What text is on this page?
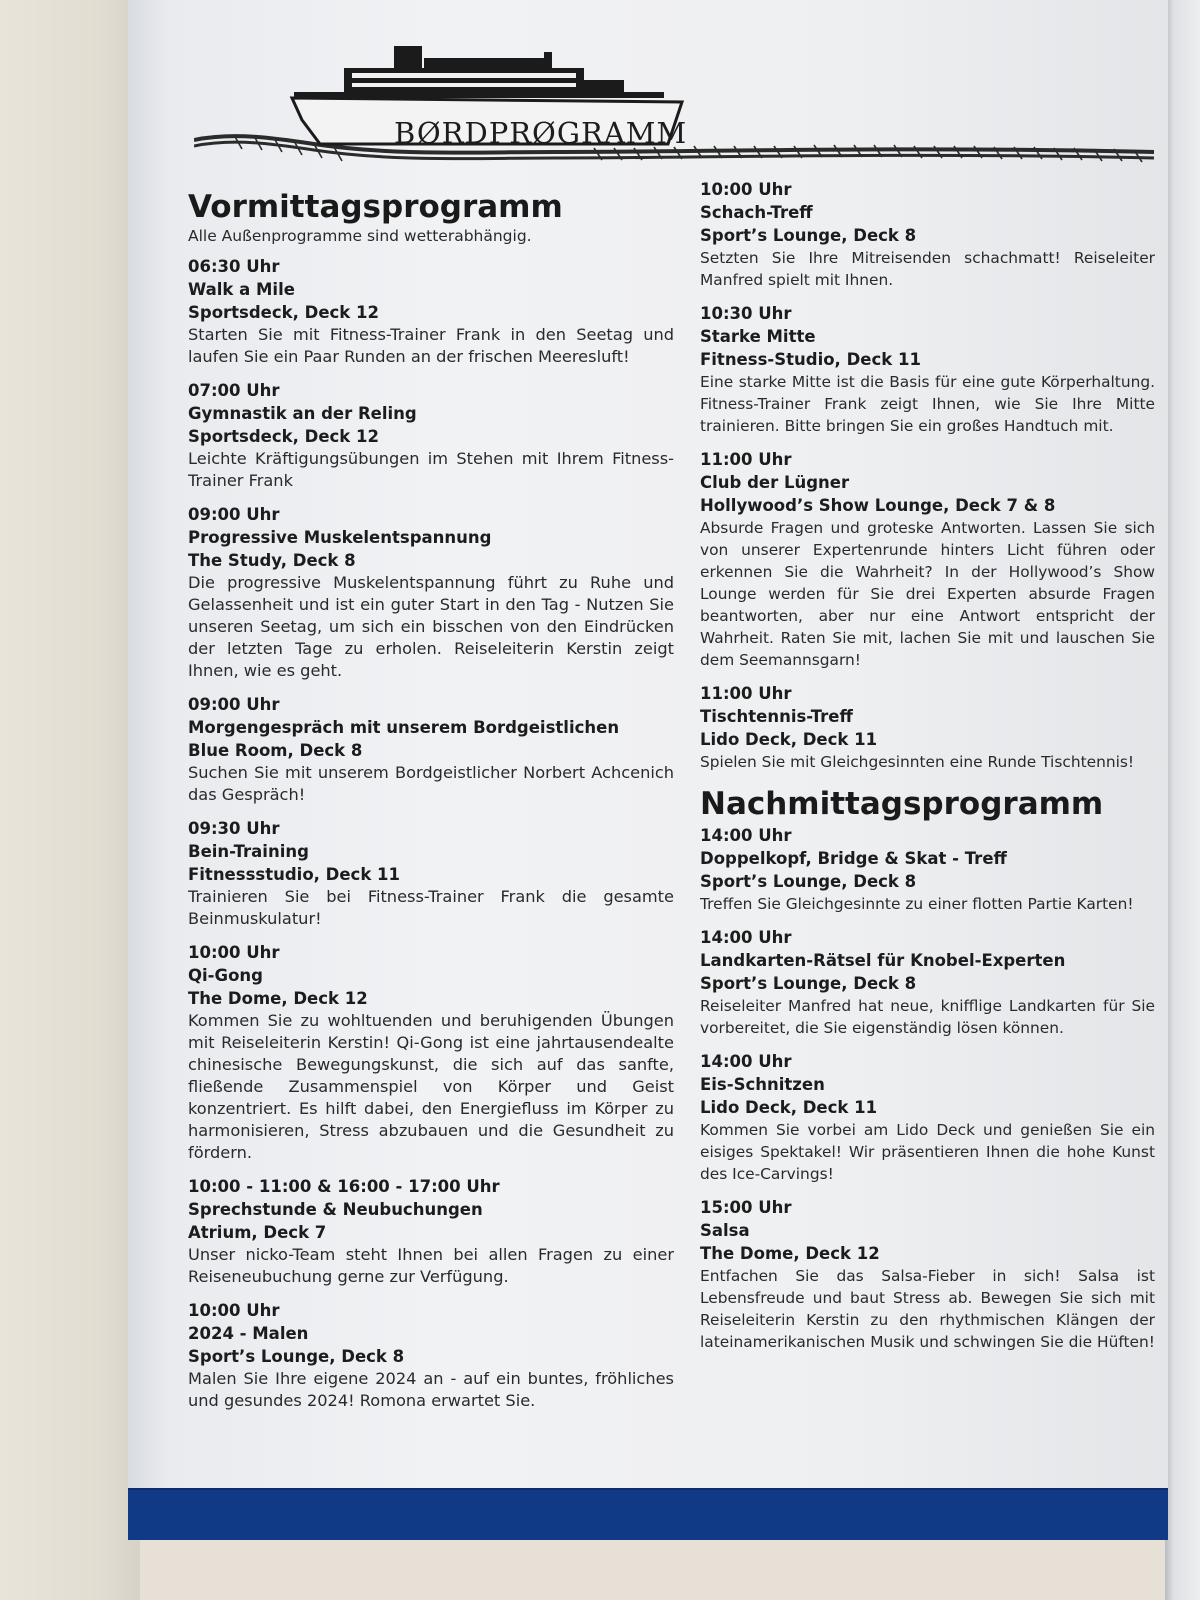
BØRDPRØGRAMM
Vormittagsprogramm
Alle Außenprogramme sind wetterabhängig.
06:30 Uhr
Walk a Mile
Sportsdeck, Deck 12
Starten Sie mit Fitness-Trainer Frank in den Seetag und laufen Sie ein Paar Runden an der frischen Meeresluft!
07:00 Uhr
Gymnastik an der Reling
Sportsdeck, Deck 12
Leichte Kräftigungsübungen im Stehen mit Ihrem Fitness-Trainer Frank
09:00 Uhr
Progressive Muskelentspannung
The Study, Deck 8
Die progressive Muskelentspannung führt zu Ruhe und Gelassenheit und ist ein guter Start in den Tag - Nutzen Sie unseren Seetag, um sich ein bisschen von den Eindrücken der letzten Tage zu erholen. Reiseleiterin Kerstin zeigt Ihnen, wie es geht.
09:00 Uhr
Morgengespräch mit unserem Bordgeistlichen
Blue Room, Deck 8
Suchen Sie mit unserem Bordgeistlicher Norbert Achcenich das Gespräch!
09:30 Uhr
Bein-Training
Fitnessstudio, Deck 11
Trainieren Sie bei Fitness-Trainer Frank die gesamte Beinmuskulatur!
10:00 Uhr
Qi-Gong
The Dome, Deck 12
Kommen Sie zu wohltuenden und beruhigenden Übungen mit Reiseleiterin Kerstin! Qi-Gong ist eine jahrtausendealte chinesische Bewegungskunst, die sich auf das sanfte, fließende Zusammenspiel von Körper und Geist konzentriert. Es hilft dabei, den Energiefluss im Körper zu harmonisieren, Stress abzubauen und die Gesundheit zu fördern.
10:00 - 11:00 & 16:00 - 17:00 Uhr
Sprechstunde & Neubuchungen
Atrium, Deck 7
Unser nicko-Team steht Ihnen bei allen Fragen zu einer Reiseneubuchung gerne zur Verfügung.
10:00 Uhr
2024 - Malen
Sport’s Lounge, Deck 8
Malen Sie Ihre eigene 2024 an - auf ein buntes, fröhliches und gesundes 2024! Romona erwartet Sie.
10:00 Uhr
Schach-Treff
Sport’s Lounge, Deck 8
Setzten Sie Ihre Mitreisenden schachmatt! Reiseleiter Manfred spielt mit Ihnen.
10:30 Uhr
Starke Mitte
Fitness-Studio, Deck 11
Eine starke Mitte ist die Basis für eine gute Körperhaltung. Fitness-Trainer Frank zeigt Ihnen, wie Sie Ihre Mitte trainieren. Bitte bringen Sie ein großes Handtuch mit.
11:00 Uhr
Club der Lügner
Hollywood’s Show Lounge, Deck 7 & 8
Absurde Fragen und groteske Antworten. Lassen Sie sich von unserer Expertenrunde hinters Licht führen oder erkennen Sie die Wahrheit? In der Hollywood’s Show Lounge werden für Sie drei Experten absurde Fragen beantworten, aber nur eine Antwort entspricht der Wahrheit. Raten Sie mit, lachen Sie mit und lauschen Sie dem Seemannsgarn!
11:00 Uhr
Tischtennis-Treff
Lido Deck, Deck 11
Spielen Sie mit Gleichgesinnten eine Runde Tischtennis!
Nachmittagsprogramm
14:00 Uhr
Doppelkopf, Bridge & Skat - Treff
Sport’s Lounge, Deck 8
Treffen Sie Gleichgesinnte zu einer flotten Partie Karten!
14:00 Uhr
Landkarten-Rätsel für Knobel-Experten
Sport’s Lounge, Deck 8
Reiseleiter Manfred hat neue, knifflige Landkarten für Sie vorbereitet, die Sie eigenständig lösen können.
14:00 Uhr
Eis-Schnitzen
Lido Deck, Deck 11
Kommen Sie vorbei am Lido Deck und genießen Sie ein eisiges Spektakel! Wir präsentieren Ihnen die hohe Kunst des Ice-Carvings!
15:00 Uhr
Salsa
The Dome, Deck 12
Entfachen Sie das Salsa-Fieber in sich! Salsa ist Lebensfreude und baut Stress ab. Bewegen Sie sich mit Reiseleiterin Kerstin zu den rhythmischen Klängen der lateinamerikanischen Musik und schwingen Sie die Hüften!
